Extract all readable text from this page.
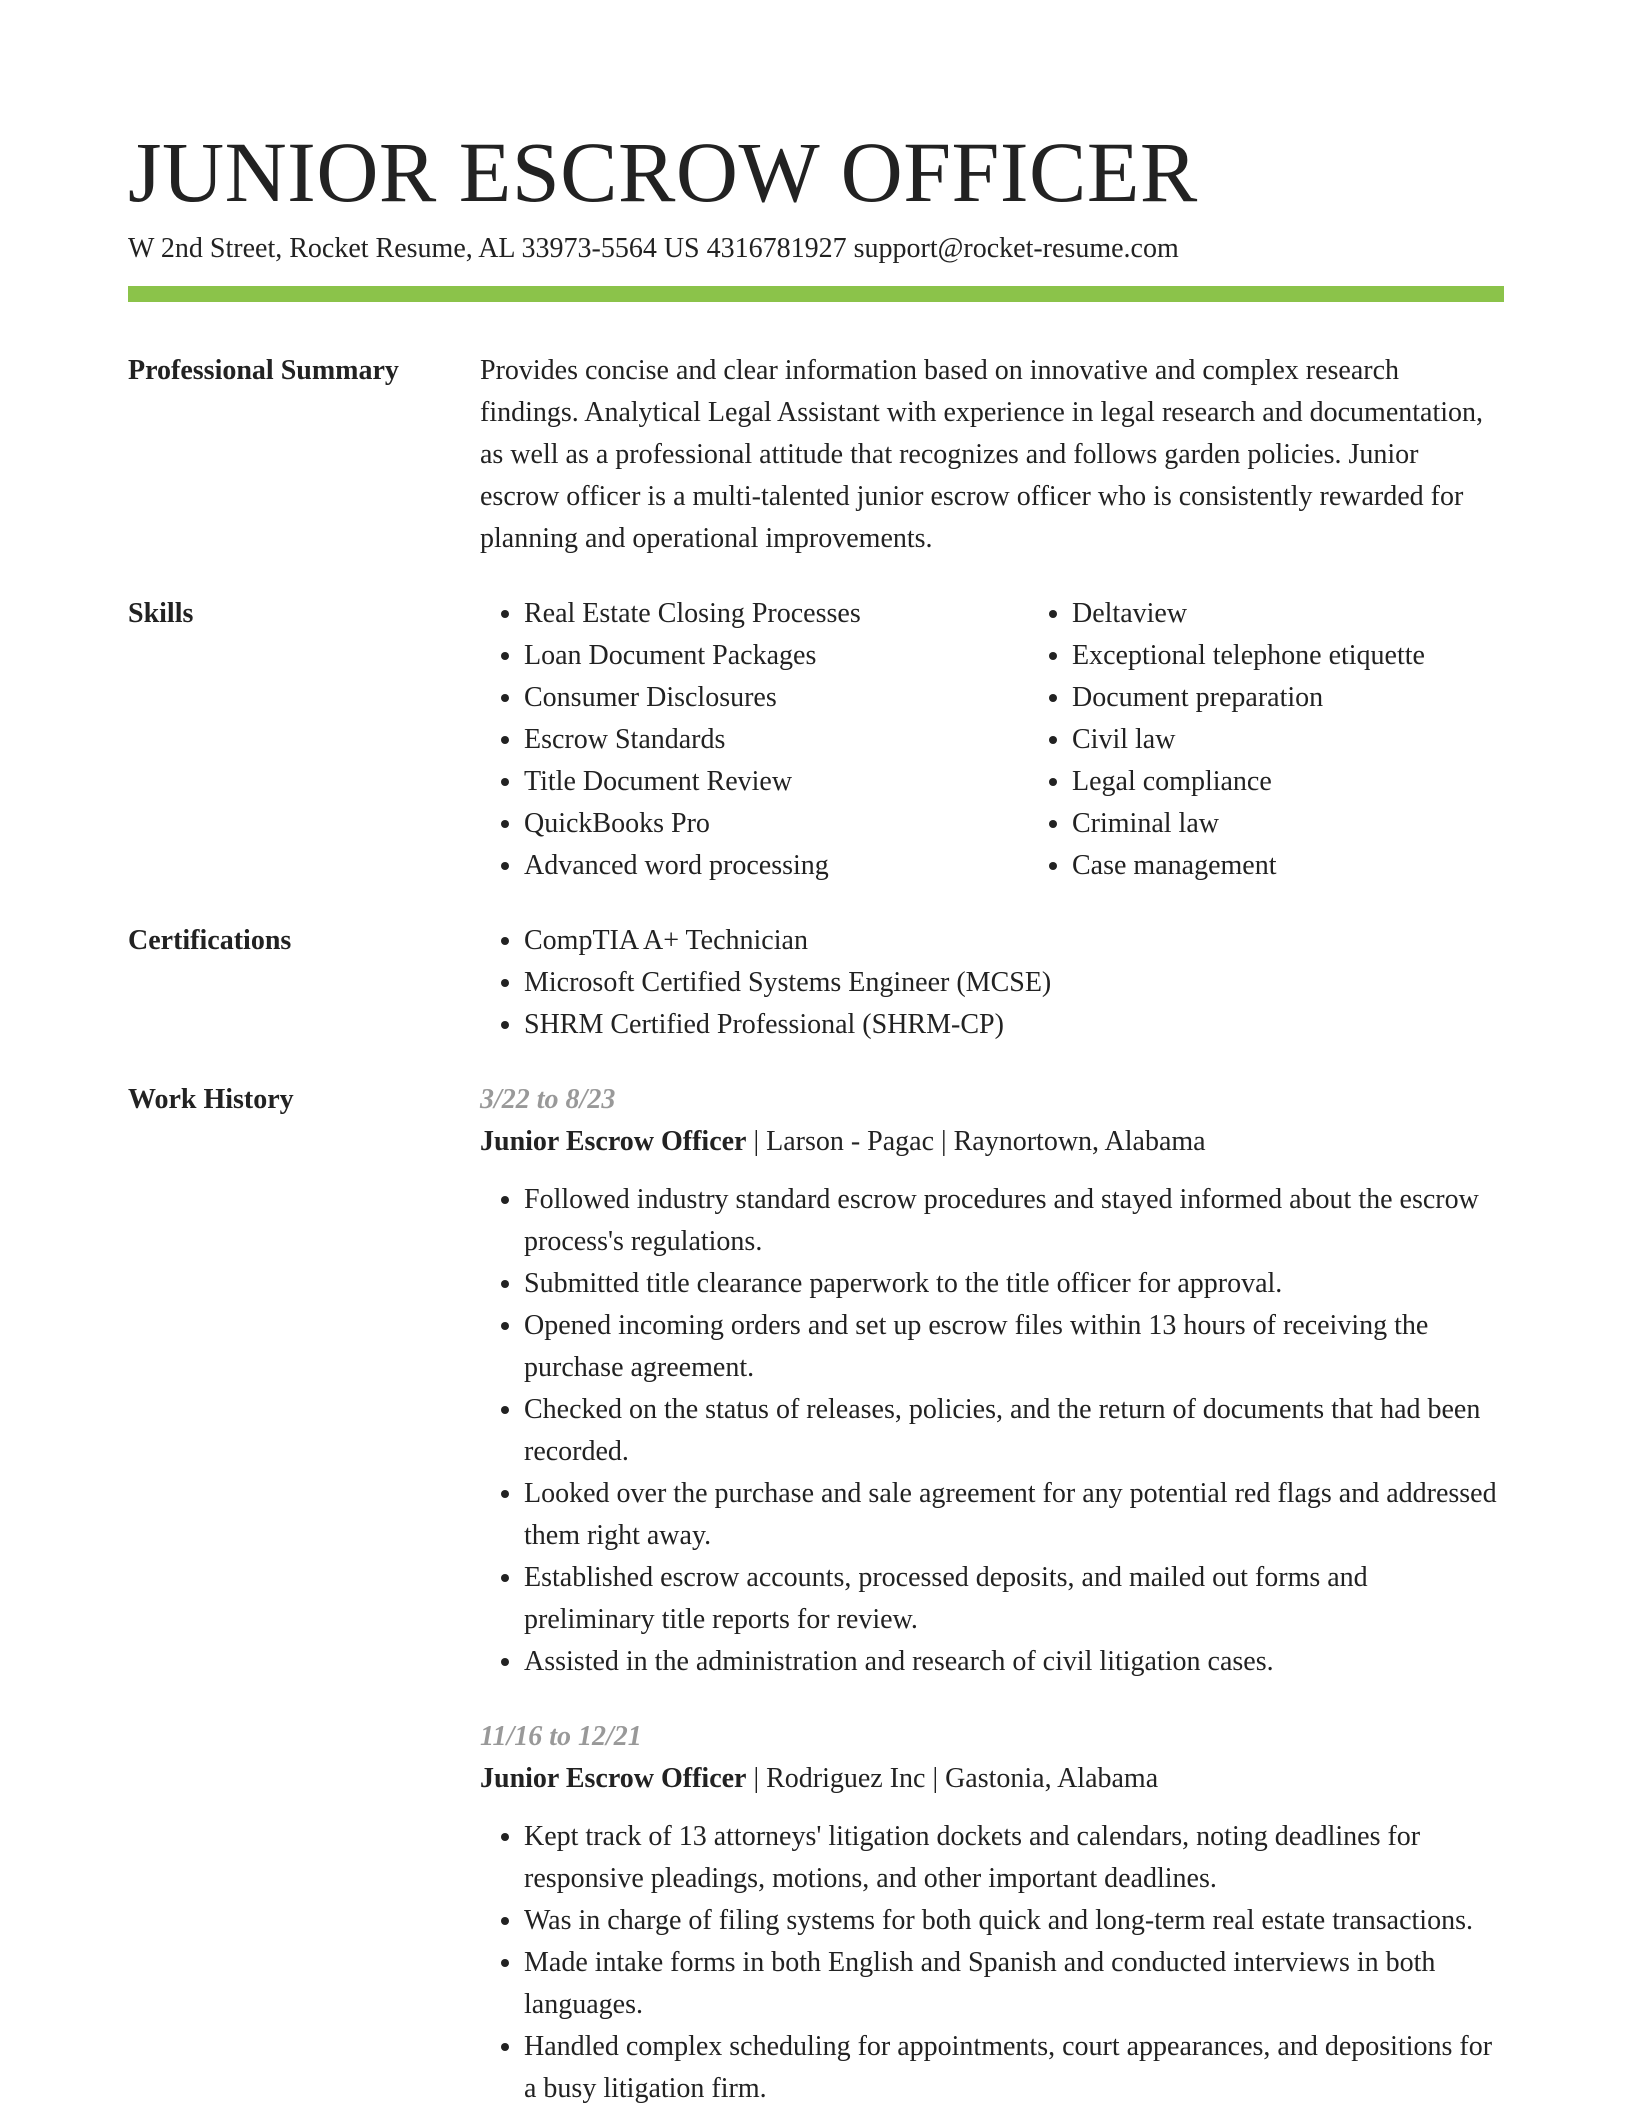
JUNIOR ESCROW OFFICER
W 2nd Street, Rocket Resume, AL 33973-5564 US 4316781927 support@rocket-resume.com
Professional Summary	Provides concise and clear information based on innovative and complex research findings. Analytical Legal Assistant with experience in legal research and documentation, as well as a professional attitude that recognizes and follows garden policies. Junior escrow officer is a multi-talented junior escrow officer who is consistently rewarded for planning and operational improvements.

Skills	• Real Estate Closing Processes
• Loan Document Packages
• Consumer Disclosures
• Escrow Standards
• Title Document Review
• QuickBooks Pro
• Advanced word processing
• Deltaview
• Exceptional telephone etiquette
• Document preparation
• Civil law
• Legal compliance
• Criminal law
• Case management
Certifications	• CompTIA A+ Technician
• Microsoft Certified Systems Engineer (MCSE)
• SHRM Certified Professional (SHRM-CP)
Work History	3/22 to 8/23
Junior Escrow Officer | Larson - Pagac | Raynortown, Alabama
• Followed industry standard escrow procedures and stayed informed about the escrow process's regulations.
• Submitted title clearance paperwork to the title officer for approval.
• Opened incoming orders and set up escrow files within 13 hours of receiving the purchase agreement.
• Checked on the status of releases, policies, and the return of documents that had been recorded.
• Looked over the purchase and sale agreement for any potential red flags and addressed them right away.
• Established escrow accounts, processed deposits, and mailed out forms and preliminary title reports for review.
• Assisted in the administration and research of civil litigation cases.
11/16 to 12/21
Junior Escrow Officer | Rodriguez Inc | Gastonia, Alabama
• Kept track of 13 attorneys' litigation dockets and calendars, noting deadlines for responsive pleadings, motions, and other important deadlines.
• Was in charge of filing systems for both quick and long-term real estate transactions.
• Made intake forms in both English and Spanish and conducted interviews in both languages.
• Handled complex scheduling for appointments, court appearances, and depositions for a busy litigation firm.
